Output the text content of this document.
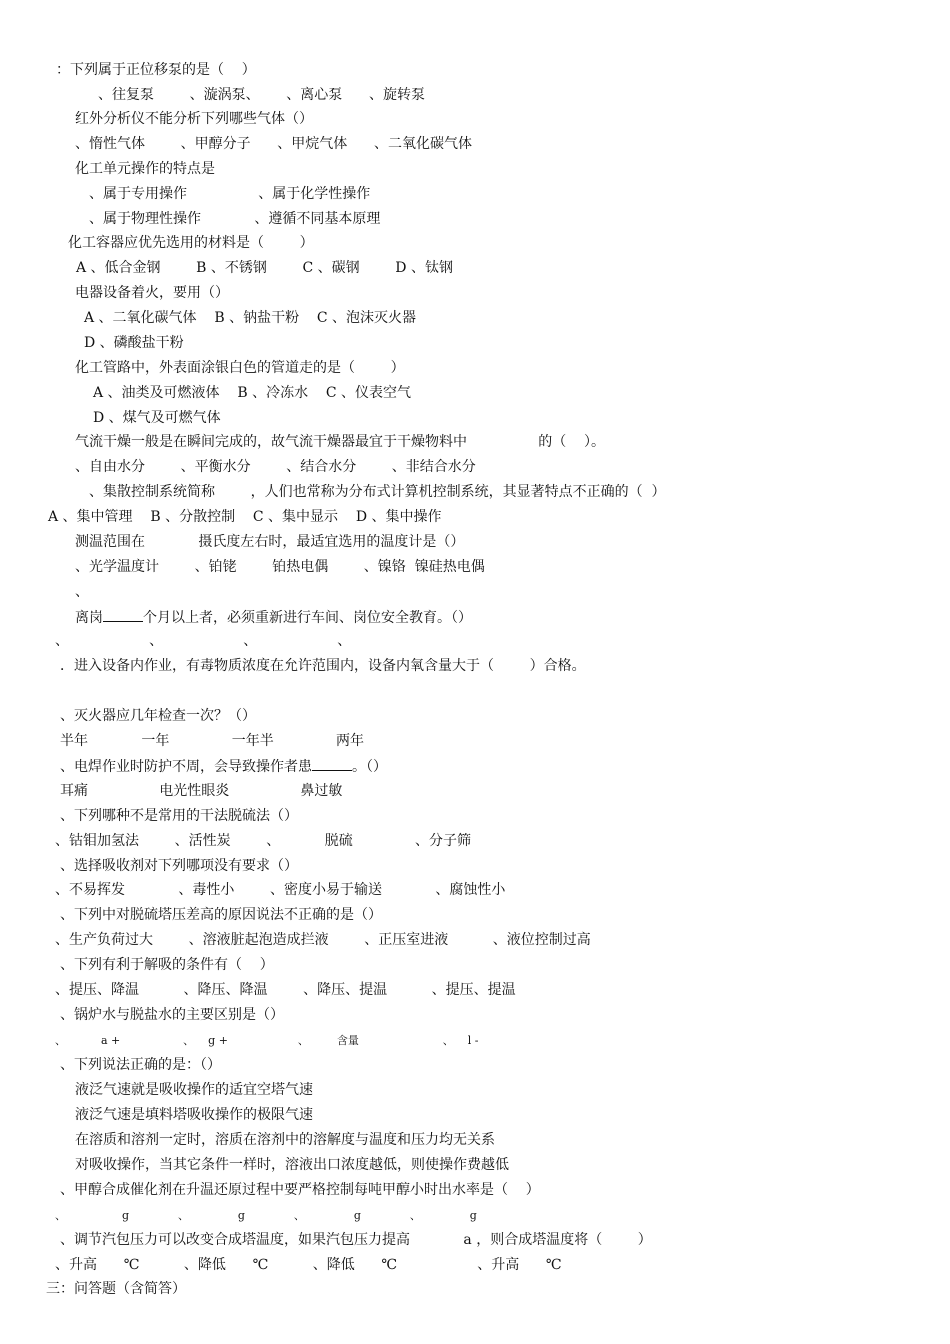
：下列属于正位移泵的是（    ）
、往复泵        、漩涡泵、      、离心泵      、旋转泵
红外分析仪不能分析下列哪些气体（）
、惰性气体        、甲醇分子      、甲烷气体      、二氧化碳气体
化工单元操作的特点是
、属于专用操作                、属于化学性操作
、属于物理性操作            、遵循不同基本原理
化工容器应优先选用的材料是（        ）
A 、低合金钢        B 、不锈钢        C 、碳钢        D 、钛钢
电器设备着火，要用（）
A 、二氧化碳气体    B 、钠盐干粉    C 、泡沫灭火器
D 、磷酸盐干粉
化工管路中，外表面涂银白色的管道走的是（        ）
A 、油类及可燃液体    B 、冷冻水    C 、仪表空气
D 、煤气及可燃气体
气流干燥一般是在瞬间完成的，故气流干燥器最宜于干燥物料中                的（    ）。
、自由水分        、平衡水分        、结合水分        、非结合水分
、集散控制系统简称        ，人们也常称为分布式计算机控制系统，其显著特点不正确的（  ）
A 、集中管理    B 、分散控制    C 、集中显示    D 、集中操作
测温范围在            摄氏度左右时，最适宜选用的温度计是（）
、光学温度计        、铂铑        铂热电偶        、镍铬  镍硅热电偶
、
离岗	个月以上者，必须重新进行车间、岗位安全教育。（）
、                  、                  、                  、
．进入设备内作业，有毒物质浓度在允许范围内，设备内氧含量大于（        ）合格。
、灭火器应几年检查一次？（）
半年            一年              一年半              两年
、电焊作业时防护不周，会导致操作者患	。（）
耳痛                电光性眼炎                鼻过敏
、下列哪种不是常用的干法脱硫法（）
、钴钼加氢法        、活性炭        、          脱硫              、分子筛
、选择吸收剂对下列哪项没有要求（）
、不易挥发            、毒性小        、密度小易于输送            、腐蚀性小
、下列中对脱硫塔压差高的原因说法不正确的是（）
、生产负荷过大        、溶液脏起泡造成拦液        、正压室进液          、液位控制过高
、下列有利于解吸的条件有（    ）
、提压、降温          、降压、降温        、降压、提温          、提压、提温
、锅炉水与脱盐水的主要区别是（）
、          a +                  、    g +                    、        含量                        、    l -
、下列说法正确的是：（）
液泛气速就是吸收操作的适宜空塔气速
液泛气速是填料塔吸收操作的极限气速
在溶质和溶剂一定时，溶质在溶剂中的溶解度与温度和压力均无关系
对吸收操作，当其它条件一样时，溶液出口浓度越低，则使操作费越低
、甲醇合成催化剂在升温还原过程中要严格控制每吨甲醇小时出水率是（    ）
、                g              、              g              、              g              、              g
、调节汽包压力可以改变合成塔温度，如果汽包压力提高            a ，则合成塔温度将（        ）
、升高      ℃          、降低      ℃          、降低      ℃                  、升高      ℃
三：问答题（含简答）
